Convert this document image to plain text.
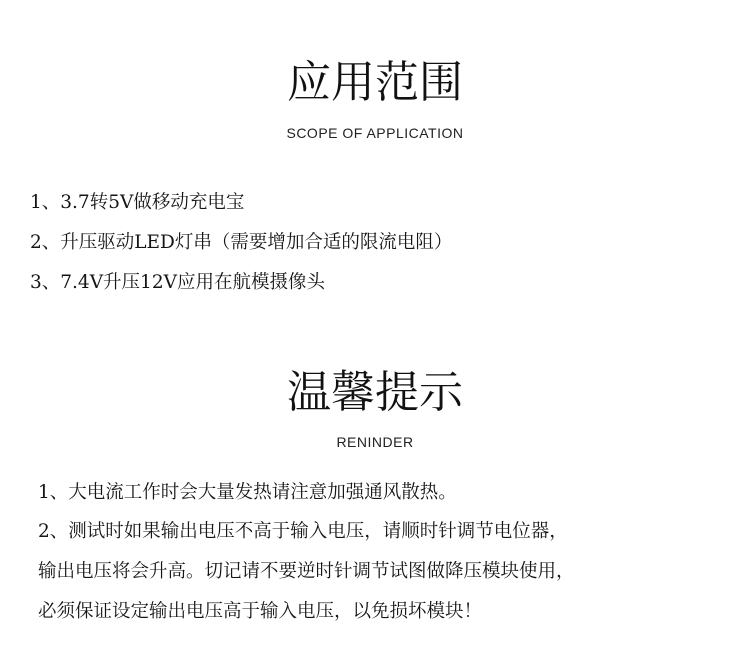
应用范围
SCOPE OF APPLICATION
1、3.7转5V做移动充电宝
2、升压驱动LED灯串（需要增加合适的限流电阻）
3、7.4V升压12V应用在航模摄像头
温馨提示
RENINDER
1、大电流工作时会大量发热请注意加强通风散热。
2、测试时如果输出电压不高于输入电压，请顺时针调节电位器，
输出电压将会升高。切记请不要逆时针调节试图做降压模块使用，
必须保证设定输出电压高于输入电压，以免损坏模块！
